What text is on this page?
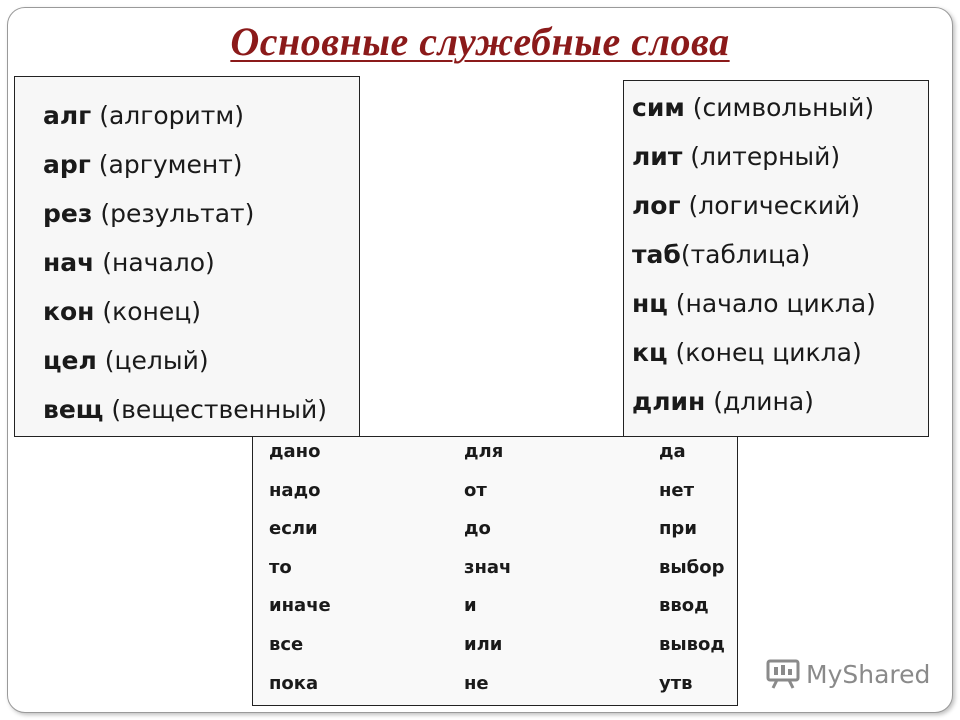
Основные служебные слова
дано	для	да
надо	от	нет
если	до	при
то	знач	выбор
иначе	и	ввод
все	или	вывод
пока	не	утв
алг (алгоритм)
арг (аргумент)
рез (результат)
нач (начало)
кон (конец)
цел (целый)
вещ (вещественный)
сим (символьный)
лит (литерный)
лог (логический)
таб(таблица)
нц (начало цикла)
кц (конец цикла)
длин (длина)
MyShared
